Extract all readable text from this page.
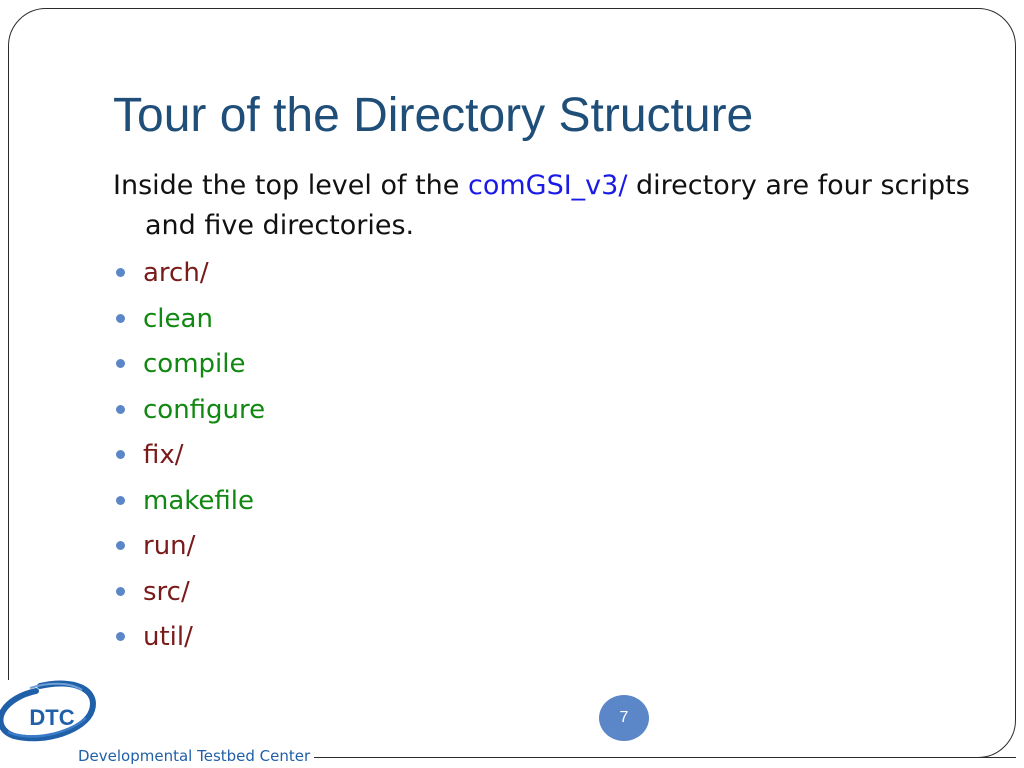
Tour of the Directory Structure
Inside the top level of the comGSI_v3/ directory are four scripts and five directories.
arch/
clean
compile
configure
fix/
makefile
run/
src/
util/
7
DTC
Developmental Testbed Center
